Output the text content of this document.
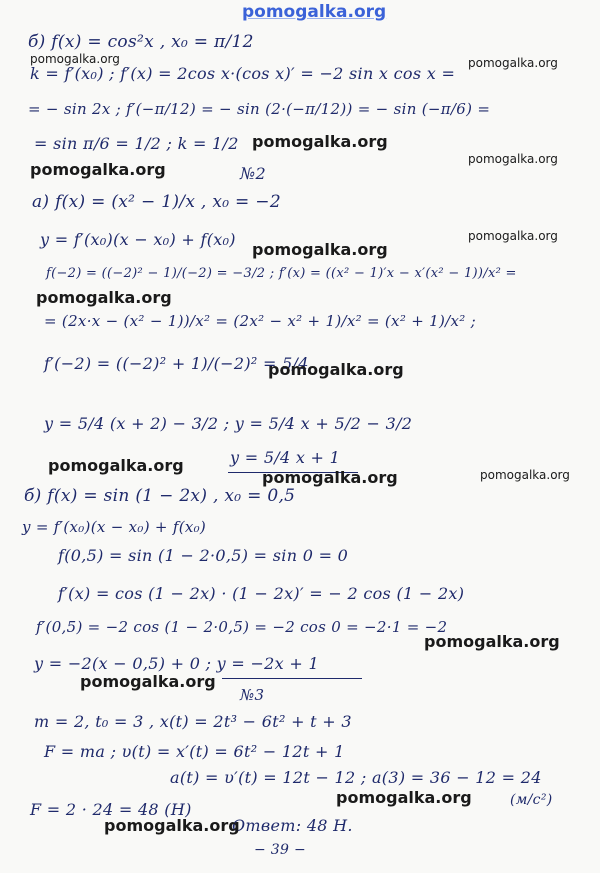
pomogalka.org
б) f(x) = cos²x , x₀ = π/12
k = f′(x₀) ; f′(x) = 2cos x·(cos x)′ = −2 sin x cos x =
= − sin 2x ; f′(−π/12) = − sin (2·(−π/12)) = − sin (−π/6) =
= sin π/6 = 1/2 ; k = 1/2
№2
а) f(x) = (x² − 1)/x , x₀ = −2
y = f′(x₀)(x − x₀) + f(x₀)
f(−2) = ((−2)² − 1)/(−2) = −3/2 ; f′(x) = ((x² − 1)′x − x′(x² − 1))/x² =
= (2x·x − (x² − 1))/x² = (2x² − x² + 1)/x² = (x² + 1)/x² ;
f′(−2) = ((−2)² + 1)/(−2)² = 5/4
y = 5/4 (x + 2) − 3/2 ; y = 5/4 x + 5/2 − 3/2
y = 5/4 x + 1
б) f(x) = sin (1 − 2x) , x₀ = 0,5
y = f′(x₀)(x − x₀) + f(x₀)
f(0,5) = sin (1 − 2·0,5) = sin 0 = 0
f′(x) = cos (1 − 2x) · (1 − 2x)′ = − 2 cos (1 − 2x)
f′(0,5) = −2 cos (1 − 2·0,5) = −2 cos 0 = −2·1 = −2
y = −2(x − 0,5) + 0 ; y = −2x + 1
№3
m = 2, t₀ = 3 , x(t) = 2t³ − 6t² + t + 3
F = ma ; υ(t) = x′(t) = 6t² − 12t + 1
a(t) = υ′(t) = 12t − 12 ; a(3) = 36 − 12 = 24
(м/с²)
F = 2 · 24 = 48 (Н)
Ответ: 48 Н.
− 39 −
pomogalka.org	pomogalka.org
pomogalka.org
pomogalka.org
pomogalka.org
pomogalka.org
pomogalka.org
pomogalka.org
pomogalka.org
pomogalka.org	pomogalka.org
pomogalka.org
pomogalka.org
pomogalka.org
pomogalka.org
pomogalka.org
